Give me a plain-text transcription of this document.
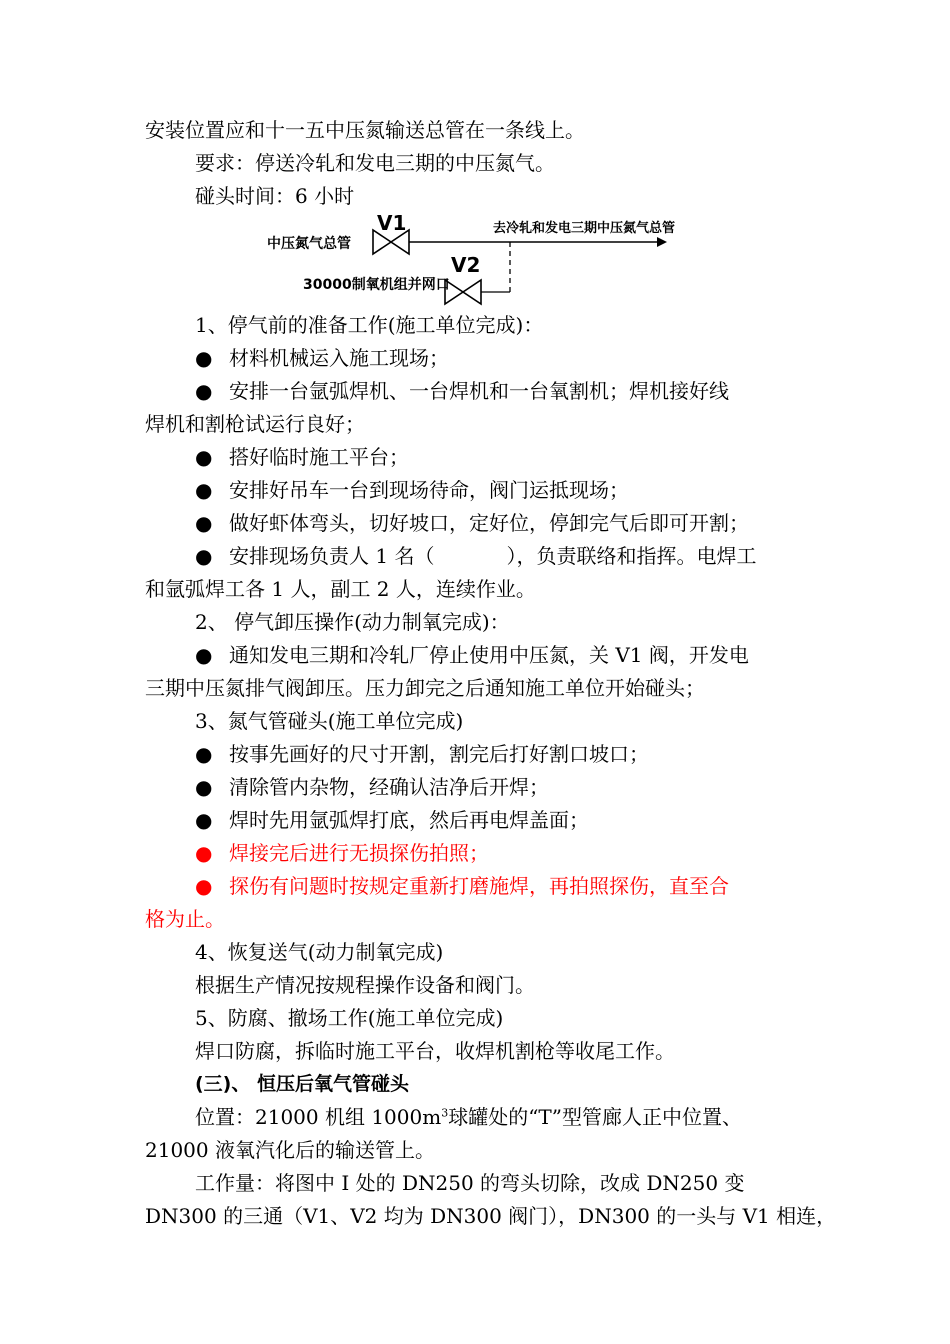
安装位置应和十一五中压氮输送总管在一条线上。
要求：停送冷轧和发电三期的中压氮气。
碰头时间：6 小时
中压氮气总管
V1	去冷轧和发电三期中压氮气总管
V2
30000制氧机组并网口
1、停气前的准备工作(施工单位完成)：
● 材料机械运入施工现场；
● 安排一台氩弧焊机、一台焊机和一台氧割机；焊机接好线
焊机和割枪试运行良好；
● 搭好临时施工平台；
● 安排好吊车一台到现场待命，阀门运抵现场；
● 做好虾体弯头，切好坡口，定好位，停卸完气后即可开割；
● 安排现场负责人 1 名（	），负责联络和指挥。电焊工
和氩弧焊工各 1 人，副工 2 人，连续作业。
2、 停气卸压操作(动力制氧完成)：
● 通知发电三期和冷轧厂停止使用中压氮，关 V1 阀，开发电
三期中压氮排气阀卸压。压力卸完之后通知施工单位开始碰头；
3、氮气管碰头(施工单位完成)
● 按事先画好的尺寸开割，割完后打好割口坡口；
● 清除管内杂物，经确认洁净后开焊；
● 焊时先用氩弧焊打底，然后再电焊盖面；
● 焊接完后进行无损探伤拍照；
● 探伤有问题时按规定重新打磨施焊，再拍照探伤，直至合
格为止。
4、恢复送气(动力制氧完成)
根据生产情况按规程操作设备和阀门。
5、防腐、撤场工作(施工单位完成)
焊口防腐，拆临时施工平台，收焊机割枪等收尾工作。
(三)、 恒压后氧气管碰头
位置：21000 机组 $1000m^3$球罐处的“T”型管廊人正中位置、
21000 液氧汽化后的输送管上。
工作量：将图中 I 处的 DN250 的弯头切除，改成 DN250 变
DN300 的三通（V1、V2 均为 DN300 阀门），DN300 的一头与 V1 相连，
